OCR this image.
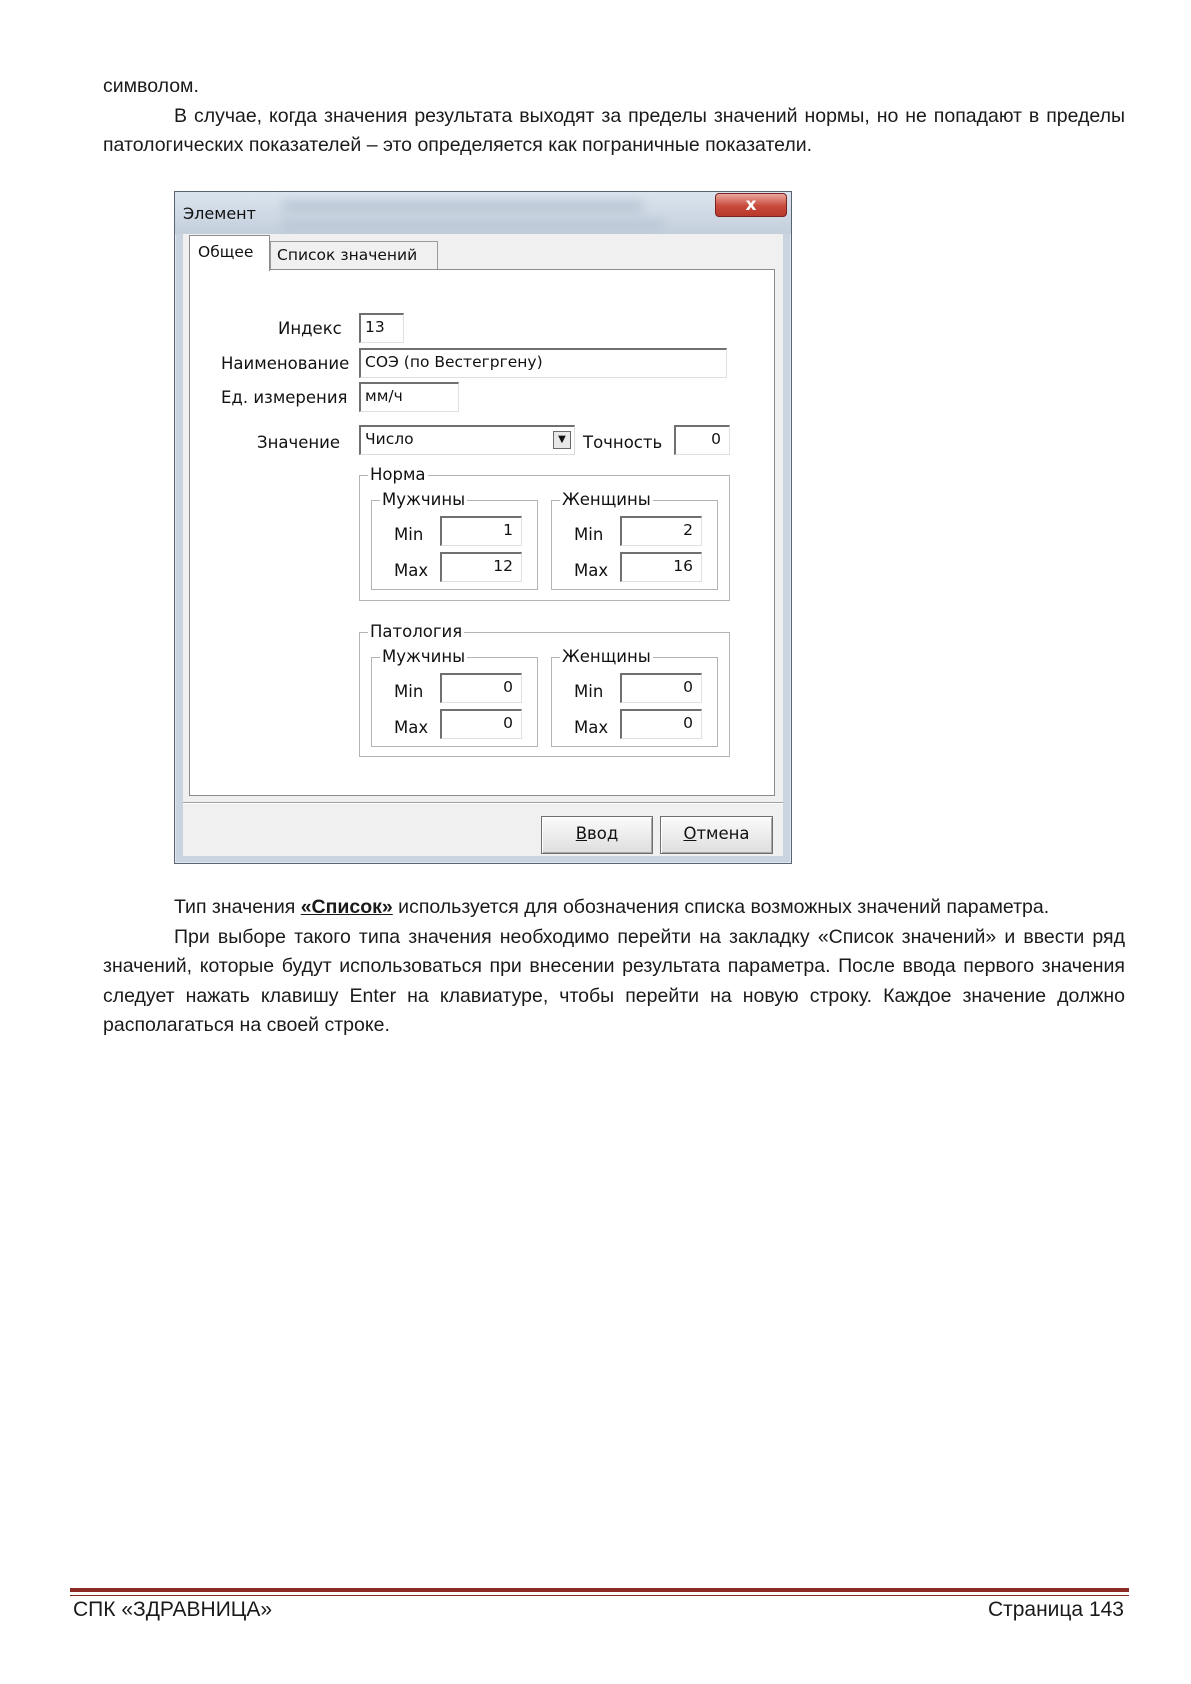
символом.

В случае, когда значения результата выходят за пределы значений нормы, но не попадают в пределы патологических показателей – это определяется как пограничные показатели.

Элемент	x
Общее	Список значений
Индекс	13
Наименование	СОЭ (по Вестегргену)
Ед. измерения	мм/ч
Значение	Число	▼	Точность	0
Норма
Мужчины
Min	1
Max	12
Женщины
Min	2
Max	16
Патология
Мужчины
Min	0
Max	0
Женщины
Min	0
Max	0
Ввод	Отмена

Тип значения «Список» используется для обозначения списка возможных значений параметра.

При выборе такого типа значения необходимо перейти на закладку «Список значений» и ввести ряд значений, которые будут использоваться при внесении результата параметра. После ввода первого значения следует нажать клавишу Enter на клавиатуре, чтобы перейти на новую строку. Каждое значение должно располагаться на своей строке.

СПК «ЗДРАВНИЦА»	Страница 143
